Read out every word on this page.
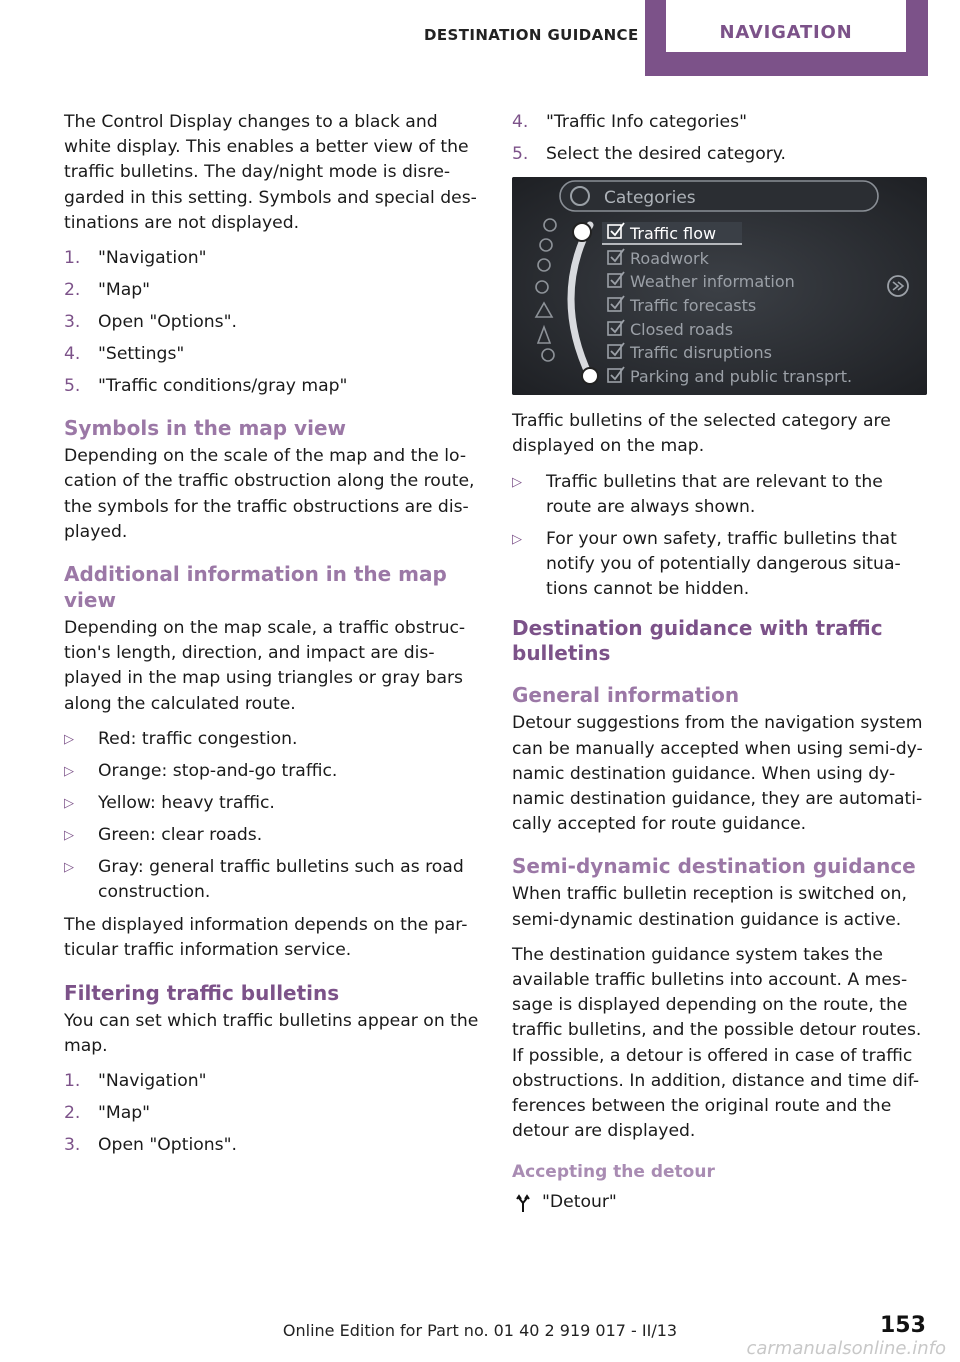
DESTINATION GUIDANCE	NAVIGATION

The Control Display changes to a black and white display. This enables a better view of the traffic bulletins. The day/night mode is disre- garded in this setting. Symbols and special des- tinations are not displayed.

1. "Navigation"
2. "Map"
3. Open "Options".
4. "Settings"
5. "Traffic conditions/gray map"
Symbols in the map view

Depending on the scale of the map and the lo- cation of the traffic obstruction along the route, the symbols for the traffic obstructions are dis- played.

Additional information in the map view

Depending on the map scale, a traffic obstruc- tion's length, direction, and impact are dis- played in the map using triangles or gray bars along the calculated route.

▷ Red: traffic congestion.
▷ Orange: stop-and-go traffic.
▷ Yellow: heavy traffic.
▷ Green: clear roads.
▷ Gray: general traffic bulletins such as road construction.

The displayed information depends on the par- ticular traffic information service.

Filtering traffic bulletins

You can set which traffic bulletins appear on the map.

1. "Navigation"
2. "Map"
3. Open "Options".
4. "Traffic Info categories"
5. Select the desired category.
Categories
Traffic flow
Roadwork
Weather information
Traffic forecasts
Closed roads
Traffic disruptions
Parking and public transprt.

Traffic bulletins of the selected category are displayed on the map.

▷ Traffic bulletins that are relevant to the route are always shown.
▷ For your own safety, traffic bulletins that notify you of potentially dangerous situa- tions cannot be hidden.
Destination guidance with traffic bulletins
General information

Detour suggestions from the navigation system can be manually accepted when using semi-dy- namic destination guidance. When using dy- namic destination guidance, they are automati- cally accepted for route guidance.

Semi-dynamic destination guidance

When traffic bulletin reception is switched on, semi-dynamic destination guidance is active.

The destination guidance system takes the available traffic bulletins into account. A mes- sage is displayed depending on the route, the traffic bulletins, and the possible detour routes. If possible, a detour is offered in case of traffic obstructions. In addition, distance and time dif- ferences between the original route and the detour are displayed.

Accepting the detour
"Detour"
153
Online Edition for Part no. 01 40 2 919 017 - II/13
carmanualsonline.info
